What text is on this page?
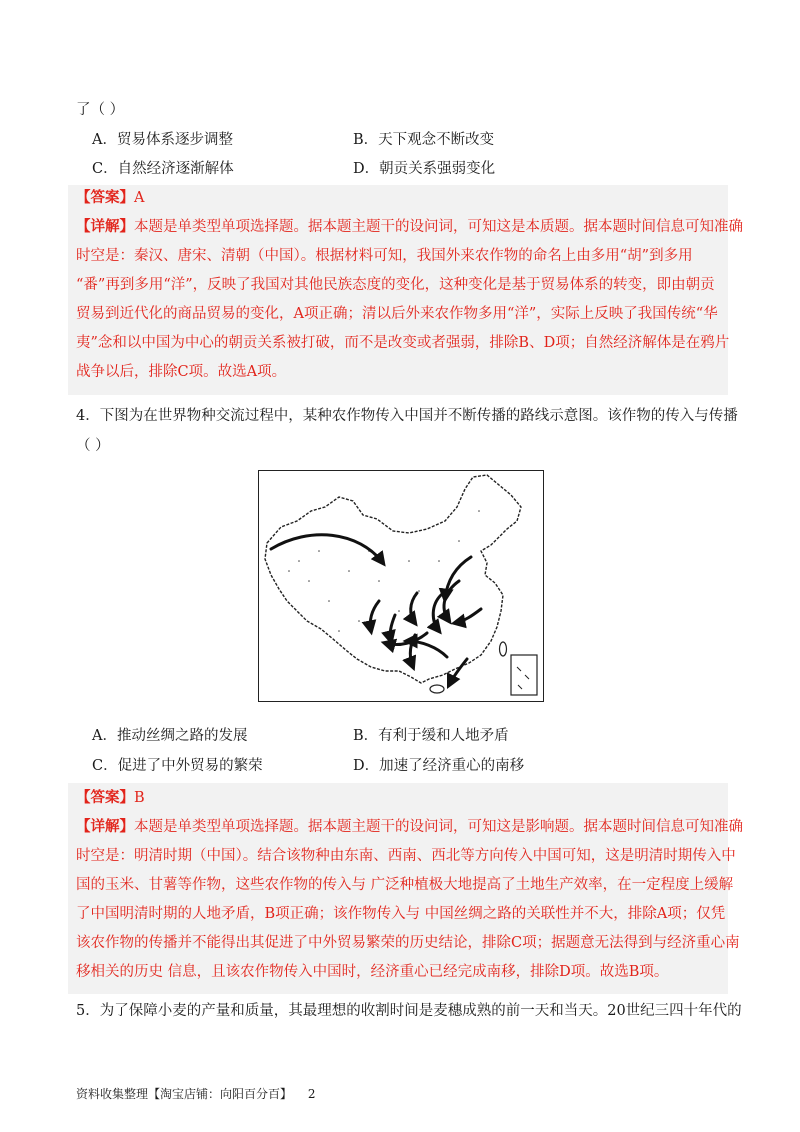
了（ ）
A．贸易体系逐步调整	B．天下观念不断改变
C．自然经济逐渐解体	D．朝贡关系强弱变化
【答案】A
【详解】本题是单类型单项选择题。据本题主题干的设问词，可知这是本质题。据本题时间信息可知准确
时空是：秦汉、唐宋、清朝（中国）。根据材料可知，我国外来农作物的命名上由多用“胡”到多用
“番”再到多用“洋”，反映了我国对其他民族态度的变化，这种变化是基于贸易体系的转变，即由朝贡
贸易到近代化的商品贸易的变化，A项正确；清以后外来农作物多用“洋”，实际上反映了我国传统“华
夷”念和以中国为中心的朝贡关系被打破，而不是改变或者强弱，排除B、D项；自然经济解体是在鸦片
战争以后，排除C项。故选A项。
4．下图为在世界物种交流过程中，某种农作物传入中国并不断传播的路线示意图。该作物的传入与传播
（ ）
A．推动丝绸之路的发展	B．有利于缓和人地矛盾
C．促进了中外贸易的繁荣	D．加速了经济重心的南移
【答案】B
【详解】本题是单类型单项选择题。据本题主题干的设问词，可知这是影响题。据本题时间信息可知准确
时空是：明清时期（中国）。结合该物种由东南、西南、西北等方向传入中国可知，这是明清时期传入中
国的玉米、甘薯等作物，这些农作物的传入与 广泛种植极大地提高了土地生产效率，在一定程度上缓解
了中国明清时期的人地矛盾，B项正确；该作物传入与 中国丝绸之路的关联性并不大，排除A项；仅凭
该农作物的传播并不能得出其促进了中外贸易繁荣的历史结论，排除C项；据题意无法得到与经济重心南
移相关的历史 信息，且该农作物传入中国时，经济重心已经完成南移，排除D项。故选B项。
5．为了保障小麦的产量和质量，其最理想的收割时间是麦穗成熟的前一天和当天。20世纪三四十年代的
资料收集整理【淘宝店铺：向阳百分百】 2
